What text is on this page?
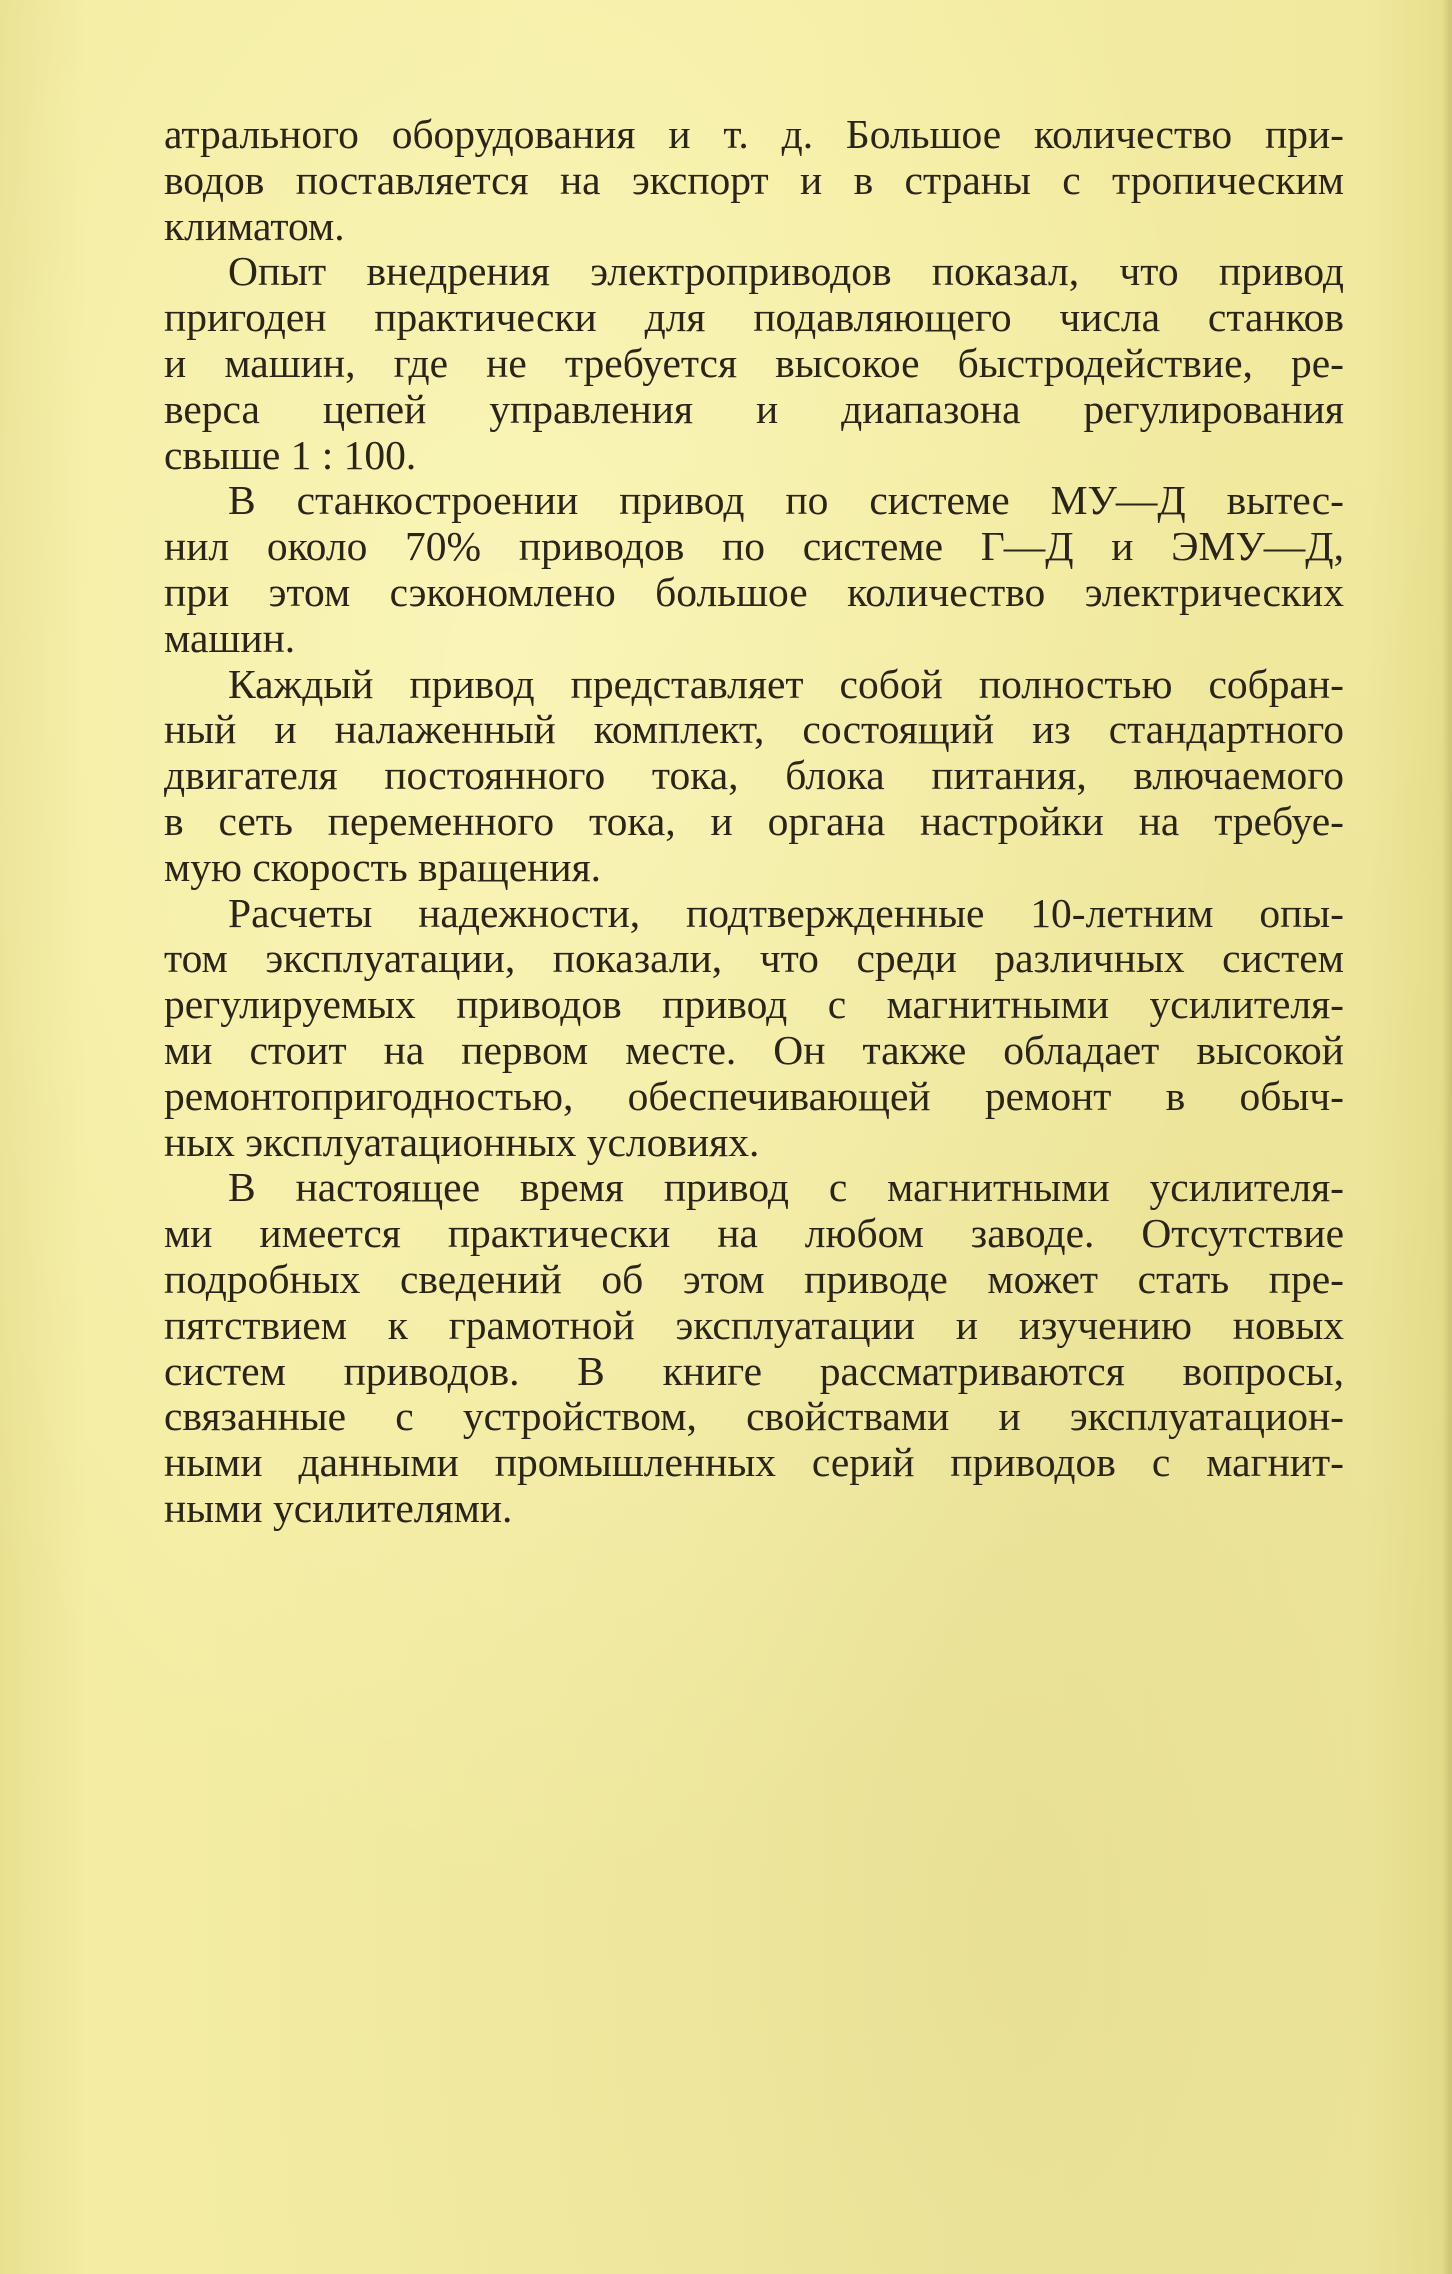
атрального оборудования и т. д. Большое количество при-
водов поставляется на экспорт и в страны с тропическим
климатом.
Опыт внедрения электроприводов показал, что привод
пригоден практически для подавляющего числа станков
и машин, где не требуется высокое быстродействие, ре-
верса цепей управления и диапазона регулирования
свыше 1 : 100.
В станкостроении привод по системе МУ—Д вытес-
нил около 70% приводов по системе Г—Д и ЭМУ—Д,
при этом сэкономлено большое количество электрических
машин.
Каждый привод представляет собой полностью собран-
ный и налаженный комплект, состоящий из стандартного
двигателя постоянного тока, блока питания, влючаемого
в сеть переменного тока, и органа настройки на требуе-
мую скорость вращения.
Расчеты надежности, подтвержденные 10-летним опы-
том эксплуатации, показали, что среди различных систем
регулируемых приводов привод с магнитными усилителя-
ми стоит на первом месте. Он также обладает высокой
ремонтопригодностью, обеспечивающей ремонт в обыч-
ных эксплуатационных условиях.
В настоящее время привод с магнитными усилителя-
ми имеется практически на любом заводе. Отсутствие
подробных сведений об этом приводе может стать пре-
пятствием к грамотной эксплуатации и изучению новых
систем приводов. В книге рассматриваются вопросы,
связанные с устройством, свойствами и эксплуатацион-
ными данными промышленных серий приводов с магнит-
ными усилителями.
